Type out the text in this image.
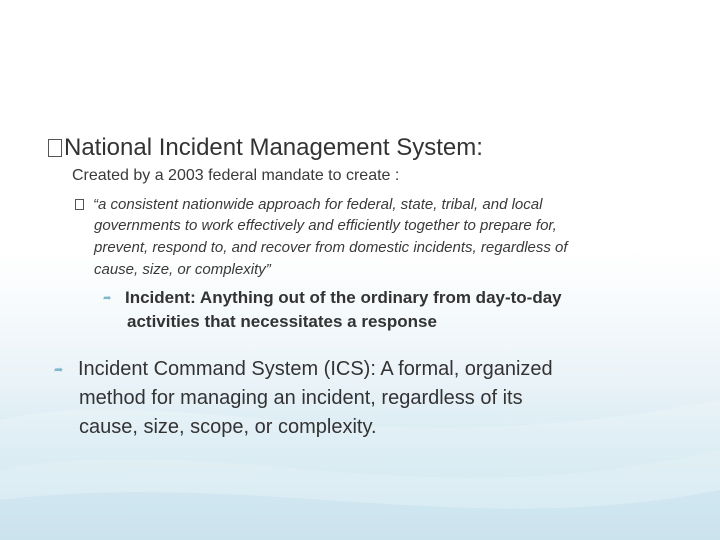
National Incident Management System:
Created by a 2003 federal mandate to create :
“a consistent nationwide approach for federal, state, tribal, and local
governments to work effectively and efficiently together to prepare for,
prevent, respond to, and recover from domestic incidents, regardless of
cause, size, or complexity”
➦ Incident: Anything out of the ordinary from day-to-day
activities that necessitates a response
➦ Incident Command System (ICS): A formal, organized
method for managing an incident, regardless of its
cause, size, scope, or complexity.
